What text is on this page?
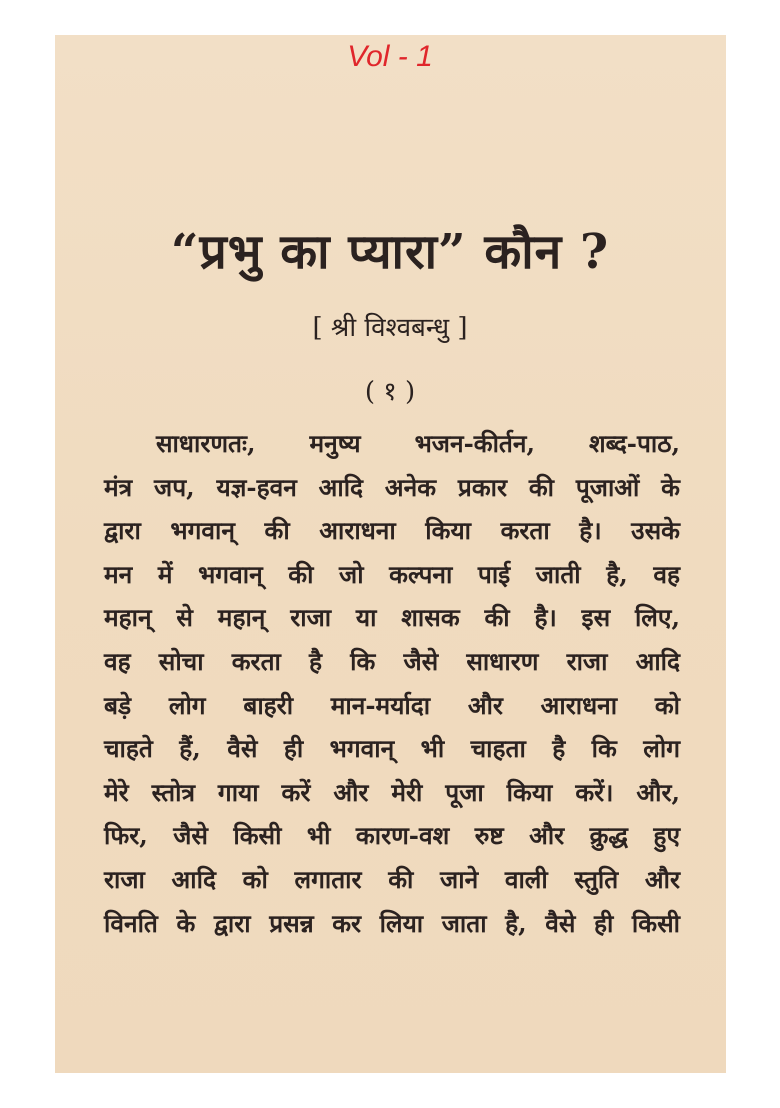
Vol - 1
“प्रभु का प्यारा” कौन ?
[ श्री विश्वबन्धु ]
( १ )
साधारणतः, मनुष्य भजन-कीर्तन, शब्द-पाठ,
मंत्र जप, यज्ञ-हवन आदि अनेक प्रकार की पूजाओं के
द्वारा भगवान् की आराधना किया करता है। उसके
मन में भगवान् की जो कल्पना पाई जाती है, वह
महान् से महान् राजा या शासक की है। इस लिए,
वह सोचा करता है कि जैसे साधारण राजा आदि
बड़े लोग बाहरी मान-मर्यादा और आराधना को
चाहते हैं, वैसे ही भगवान् भी चाहता है कि लोग
मेरे स्तोत्र गाया करें और मेरी पूजा किया करें। और,
फिर, जैसे किसी भी कारण-वश रुष्ट और क्रुद्ध हुए
राजा आदि को लगातार की जाने वाली स्तुति और
विनति के द्वारा प्रसन्न कर लिया जाता है, वैसे ही किसी
